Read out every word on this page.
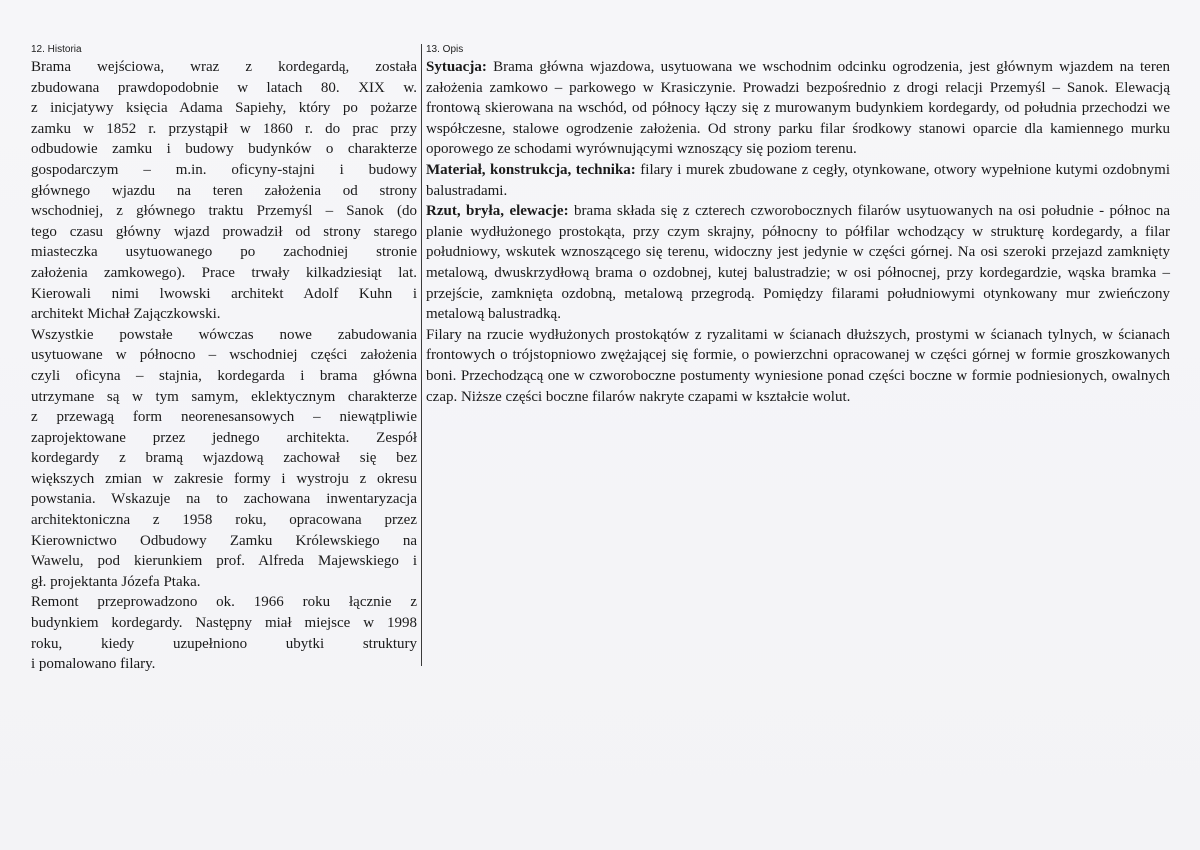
12. Historia
Brama wejściowa, wraz z kordegardą, została
zbudowana prawdopodobnie w latach 80. XIX w.
z inicjatywy księcia Adama Sapiehy, który po pożarze
zamku w 1852 r. przystąpił w 1860 r. do prac przy
odbudowie zamku i budowy budynków o charakterze
gospodarczym – m.in. oficyny-stajni i budowy
głównego wjazdu na teren założenia od strony
wschodniej, z głównego traktu Przemyśl – Sanok (do
tego czasu główny wjazd prowadził od strony starego
miasteczka usytuowanego po zachodniej stronie
założenia zamkowego). Prace trwały kilkadziesiąt lat.
Kierowali nimi lwowski architekt Adolf Kuhn i
architekt Michał Zajączkowski.
Wszystkie powstałe wówczas nowe zabudowania
usytuowane w północno – wschodniej części założenia
czyli oficyna – stajnia, kordegarda i brama główna
utrzymane są w tym samym, eklektycznym charakterze
z przewagą form neorenesansowych – niewątpliwie
zaprojektowane przez jednego architekta. Zespół
kordegardy z bramą wjazdową zachował się bez
większych zmian w zakresie formy i wystroju z okresu
powstania. Wskazuje na to zachowana inwentaryzacja
architektoniczna z 1958 roku, opracowana przez
Kierownictwo Odbudowy Zamku Królewskiego na
Wawelu, pod kierunkiem prof. Alfreda Majewskiego i
gł. projektanta Józefa Ptaka.
Remont przeprowadzono ok. 1966 roku łącznie z
budynkiem kordegardy. Następny miał miejsce w 1998
roku, kiedy uzupełniono ubytki struktury
i pomalowano filary.
13. Opis

Sytuacja: Brama główna wjazdowa, usytuowana we wschodnim odcinku ogrodzenia, jest głównym wjazdem na teren założenia zamkowo – parkowego w Krasiczynie. Prowadzi bezpośrednio z drogi relacji Przemyśl – Sanok. Elewacją frontową skierowana na wschód, od północy łączy się z murowanym budynkiem kordegardy, od południa przechodzi we współczesne, stalowe ogrodzenie założenia. Od strony parku filar środkowy stanowi oparcie dla kamiennego murku oporowego ze schodami wyrównującymi wznoszący się poziom terenu.

Materiał, konstrukcja, technika: filary i murek zbudowane z cegły, otynkowane, otwory wypełnione kutymi ozdobnymi balustradami.

Rzut, bryła, elewacje: brama składa się z czterech czworobocznych filarów usytuowanych na osi południe - północ na planie wydłużonego prostokąta, przy czym skrajny, północny to półfilar wchodzący w strukturę kordegardy, a filar południowy, wskutek wznoszącego się terenu, widoczny jest jedynie w części górnej. Na osi szeroki przejazd zamknięty metalową, dwuskrzydłową brama o ozdobnej, kutej balustradzie; w osi północnej, przy kordegardzie, wąska bramka – przejście, zamknięta ozdobną, metalową przegrodą. Pomiędzy filarami południowymi otynkowany mur zwieńczony metalową balustradką.

Filary na rzucie wydłużonych prostokątów z ryzalitami w ścianach dłuższych, prostymi w ścianach tylnych, w ścianach frontowych o trójstopniowo zwężającej się formie, o powierzchni opracowanej w części górnej w formie groszkowanych boni. Przechodzącą one w czworoboczne postumenty wyniesione ponad części boczne w formie podniesionych, owalnych czap. Niższe części boczne filarów nakryte czapami w kształcie wolut.
